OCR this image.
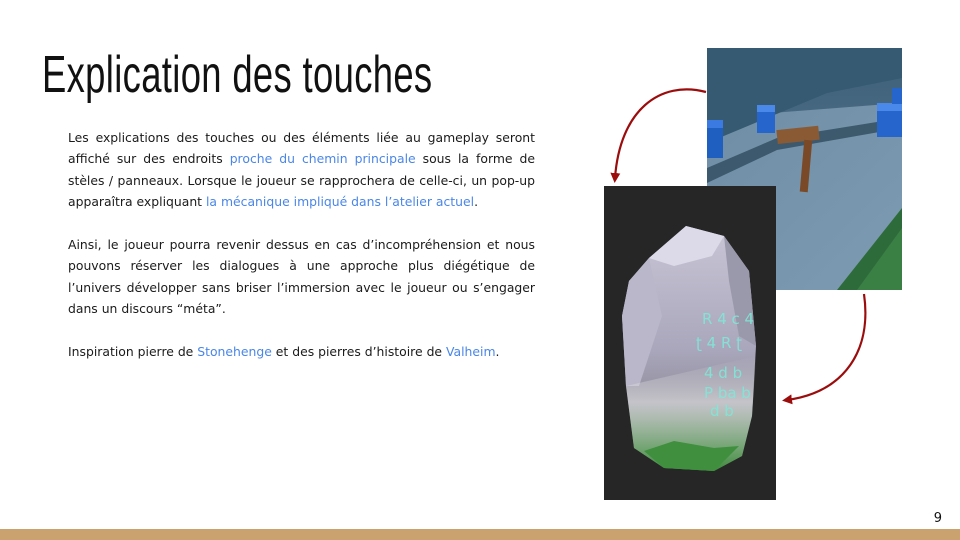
Explication des touches

Les explications des touches ou des éléments liée au gameplay seront affiché sur des endroits proche du chemin principale sous la forme de stèles / panneaux. Lorsque le joueur se rapprochera de celle-ci, un pop-up apparaîtra expliquant la mécanique impliqué dans l’atelier actuel.

Ainsi, le joueur pourra revenir dessus en cas d’incompréhension et nous pouvons réserver les dialogues à une approche plus diégétique de l’univers développer sans briser l’immersion avec le joueur ou s’engager dans un discours “méta”.

Inspiration pierre de Stonehenge et des pierres d’histoire de Valheim.

R 4 c 4
ʈ 4 R ʈ
4 d b
P ba b
d b
9
